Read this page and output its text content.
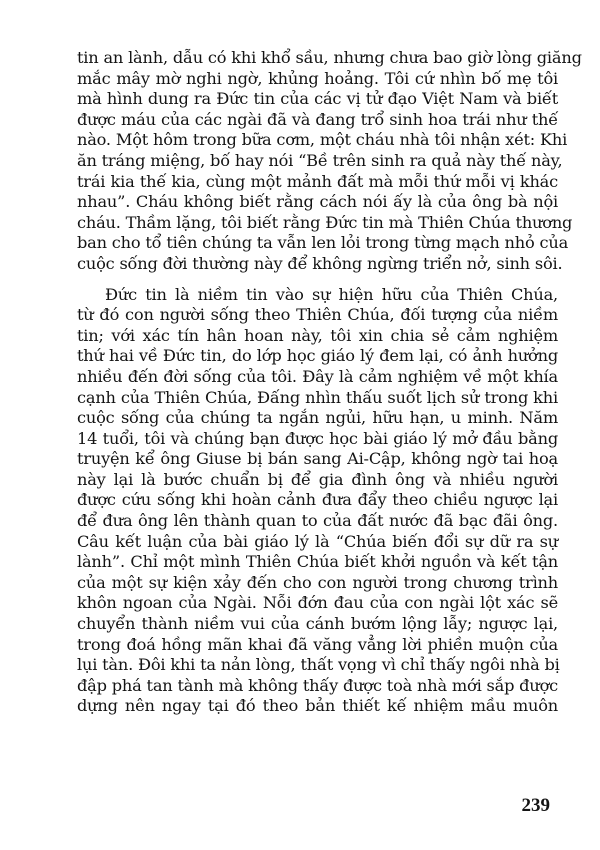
tin an lành, dẫu có khi khổ sầu, nhưng chưa bao giờ lòng giăng
mắc mây mờ nghi ngờ, khủng hoảng. Tôi cứ nhìn bố mẹ tôi
mà hình dung ra Đức tin của các vị tử đạo Việt Nam và biết
được máu của các ngài đã và đang trổ sinh hoa trái như thế
nào. Một hôm trong bữa cơm, một cháu nhà tôi nhận xét: Khi
ăn tráng miệng, bố hay nói “Bề trên sinh ra quả này thế này,
trái kia thế kia, cùng một mảnh đất mà mỗi thứ mỗi vị khác
nhau”. Cháu không biết rằng cách nói ấy là của ông bà nội
cháu. Thầm lặng, tôi biết rằng Đức tin mà Thiên Chúa thương
ban cho tổ tiên chúng ta vẫn len lỏi trong từng mạch nhỏ của
cuộc sống đời thường này để không ngừng triển nở, sinh sôi.
Đức tin là niềm tin vào sự hiện hữu của Thiên Chúa,
từ đó con người sống theo Thiên Chúa, đối tượng của niềm
tin; với xác tín hân hoan này, tôi xin chia sẻ cảm nghiệm
thứ hai về Đức tin, do lớp học giáo lý đem lại, có ảnh hưởng
nhiều đến đời sống của tôi. Đây là cảm nghiệm về một khía
cạnh của Thiên Chúa, Đấng nhìn thấu suốt lịch sử trong khi
cuộc sống của chúng ta ngắn ngủi, hữu hạn, u minh. Năm
14 tuổi, tôi và chúng bạn được học bài giáo lý mở đầu bằng
truyện kể ông Giuse bị bán sang Ai-Cập, không ngờ tai hoạ
này lại là bước chuẩn bị để gia đình ông và nhiều người
được cứu sống khi hoàn cảnh đưa đẩy theo chiều ngược lại
để đưa ông lên thành quan to của đất nước đã bạc đãi ông.
Câu kết luận của bài giáo lý là “Chúa biến đổi sự dữ ra sự
lành”. Chỉ một mình Thiên Chúa biết khởi nguồn và kết tận
của một sự kiện xảy đến cho con người trong chương trình
khôn ngoan của Ngài. Nỗi đớn đau của con ngài lột xác sẽ
chuyển thành niềm vui của cánh bướm lộng lẫy; ngược lại,
trong đoá hồng mãn khai đã văng vẳng lời phiền muộn của
lụi tàn. Đôi khi ta nản lòng, thất vọng vì chỉ thấy ngôi nhà bị
đập phá tan tành mà không thấy được toà nhà mới sắp được
dựng nên ngay tại đó theo bản thiết kế nhiệm mầu muôn
239
